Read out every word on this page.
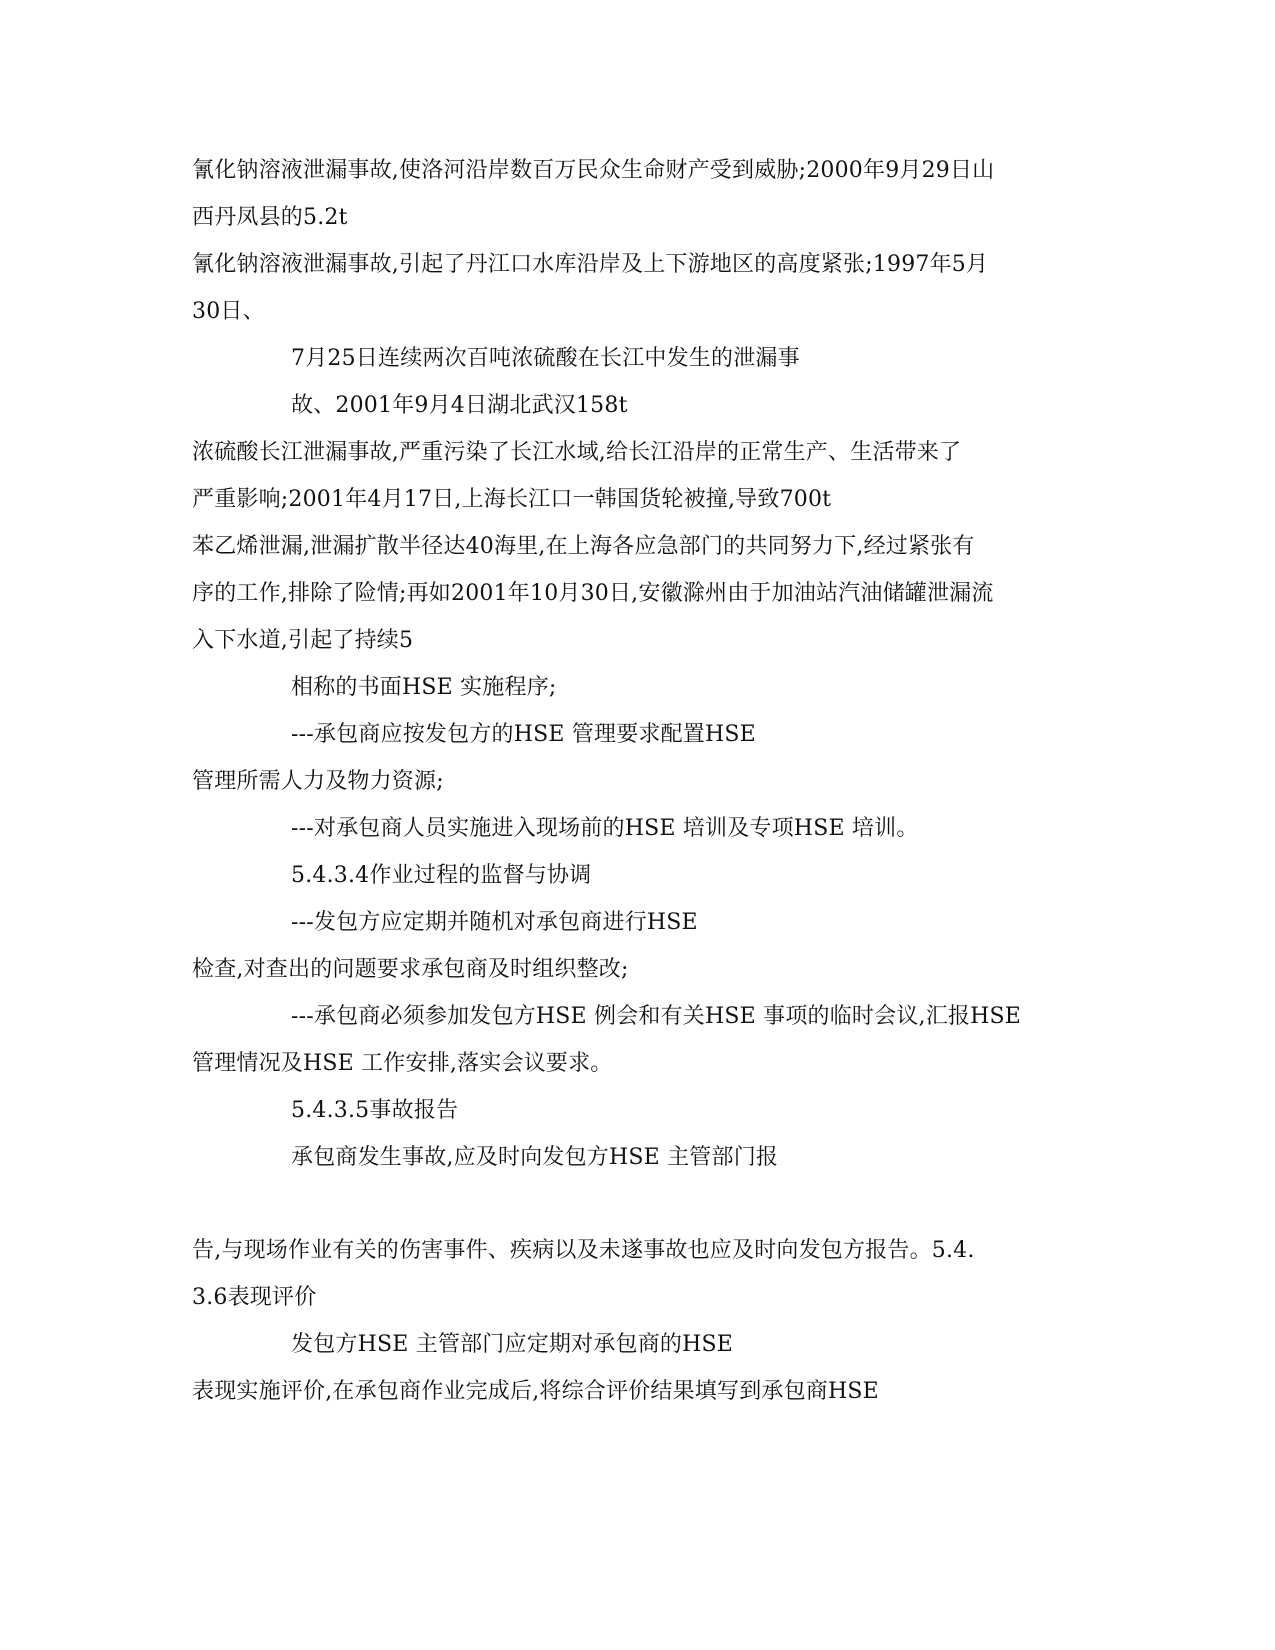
氰化钠溶液泄漏事故,使洛河沿岸数百万民众生命财产受到威胁;2000年9月29日山

西丹凤县的5.2t

氰化钠溶液泄漏事故,引起了丹江口水库沿岸及上下游地区的高度紧张;1997年5月

30日、

7月25日连续两次百吨浓硫酸在长江中发生的泄漏事

故、2001年9月4日湖北武汉158t

浓硫酸长江泄漏事故,严重污染了长江水域,给长江沿岸的正常生产、生活带来了

严重影响;2001年4月17日,上海长江口一韩国货轮被撞,导致700t

苯乙烯泄漏,泄漏扩散半径达40海里,在上海各应急部门的共同努力下,经过紧张有

序的工作,排除了险情;再如2001年10月30日,安徽滁州由于加油站汽油储罐泄漏流

入下水道,引起了持续5

相称的书面HSE 实施程序;

---承包商应按发包方的HSE 管理要求配置HSE

管理所需人力及物力资源;

---对承包商人员实施进入现场前的HSE 培训及专项HSE 培训。

5.4.3.4作业过程的监督与协调

---发包方应定期并随机对承包商进行HSE

检查,对查出的问题要求承包商及时组织整改;

---承包商必须参加发包方HSE 例会和有关HSE 事项的临时会议,汇报HSE

管理情况及HSE 工作安排,落实会议要求。

5.4.3.5事故报告

承包商发生事故,应及时向发包方HSE 主管部门报

告,与现场作业有关的伤害事件、疾病以及未遂事故也应及时向发包方报告。5.4.

3.6表现评价

发包方HSE 主管部门应定期对承包商的HSE

表现实施评价,在承包商作业完成后,将综合评价结果填写到承包商HSE
